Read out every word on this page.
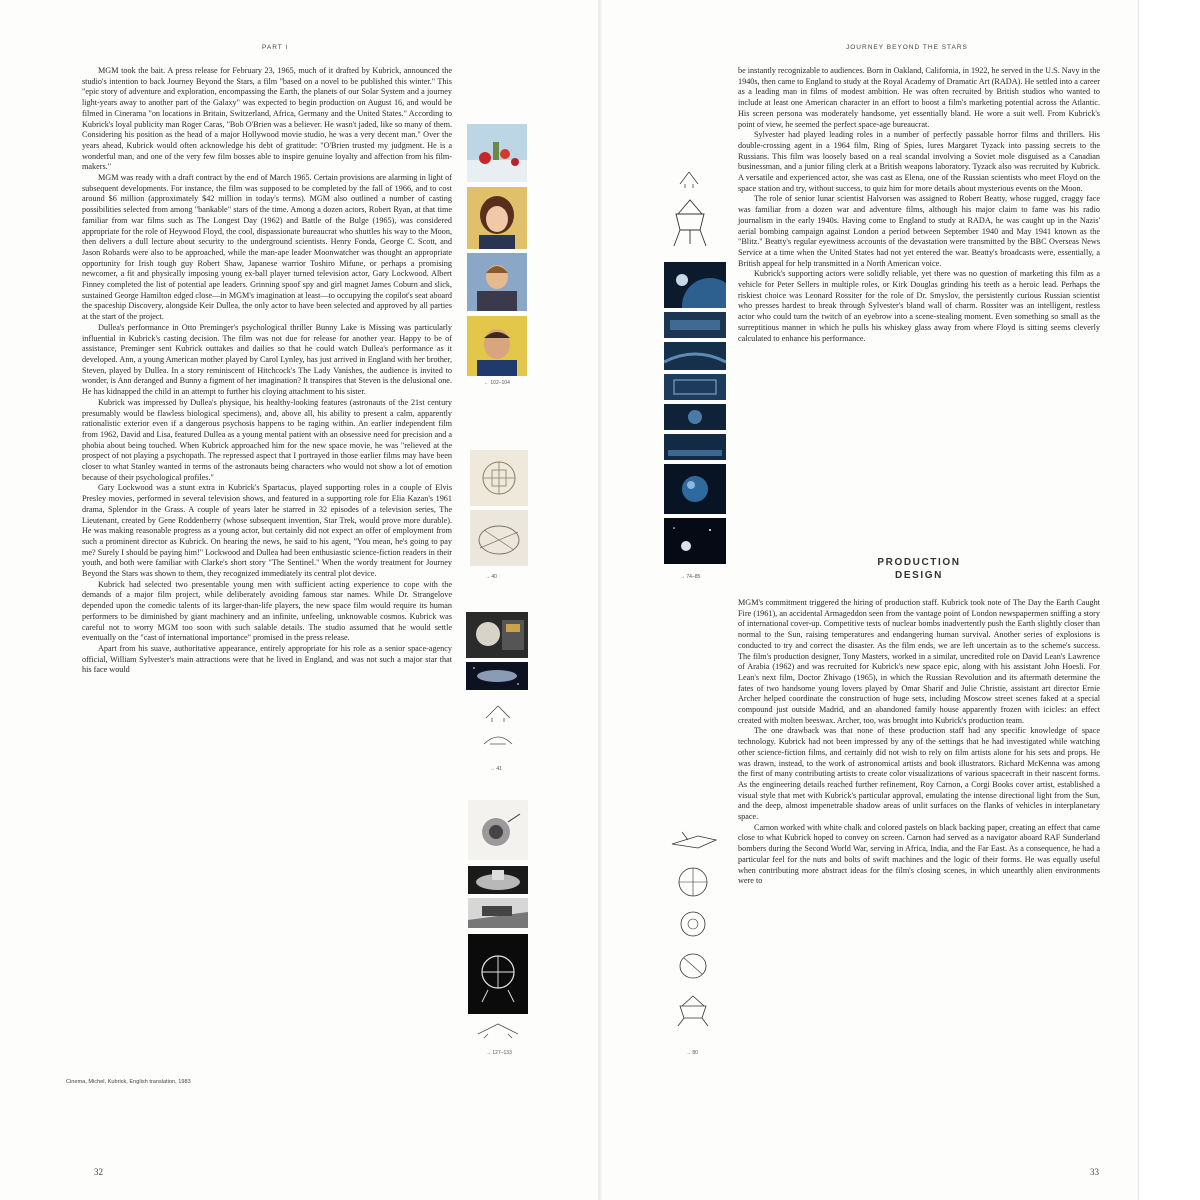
PART I

MGM took the bait. A press release for February 23, 1965, much of it drafted by Kubrick, announced the studio's intention to back Journey Beyond the Stars, a film "based on a novel to be published this winter." This "epic story of adventure and exploration, encompassing the Earth, the planets of our Solar System and a journey light-years away to another part of the Galaxy" was expected to begin production on August 16, and would be filmed in Cinerama "on locations in Britain, Switzerland, Africa, Germany and the United States." According to Kubrick's loyal publicity man Roger Caras, "Bob O'Brien was a believer. He wasn't jaded, like so many of them. Considering his position as the head of a major Hollywood movie studio, he was a very decent man." Over the years ahead, Kubrick would often acknowledge his debt of gratitude: "O'Brien trusted my judgment. He is a wonderful man, and one of the very few film bosses able to inspire genuine loyalty and affection from his film-makers."

MGM was ready with a draft contract by the end of March 1965. Certain provisions are alarming in light of subsequent developments. For instance, the film was supposed to be completed by the fall of 1966, and to cost around $6 million (approximately $42 million in today's terms). MGM also outlined a number of casting possibilities selected from among "bankable" stars of the time. Among a dozen actors, Robert Ryan, at that time familiar from war films such as The Longest Day (1962) and Battle of the Bulge (1965), was considered appropriate for the role of Heywood Floyd, the cool, dispassionate bureaucrat who shuttles his way to the Moon, then delivers a dull lecture about security to the underground scientists. Henry Fonda, George C. Scott, and Jason Robards were also to be approached, while the man-ape leader Moonwatcher was thought an appropriate opportunity for Irish tough guy Robert Shaw, Japanese warrior Toshiro Mifune, or perhaps a promising newcomer, a fit and physically imposing young ex-ball player turned television actor, Gary Lockwood. Albert Finney completed the list of potential ape leaders. Grinning spoof spy and girl magnet James Coburn and slick, sustained George Hamilton edged close—in MGM's imagination at least—to occupying the copilot's seat aboard the spaceship Discovery, alongside Keir Dullea, the only actor to have been selected and approved by all parties at the start of the project.

Dullea's performance in Otto Preminger's psychological thriller Bunny Lake is Missing was particularly influential in Kubrick's casting decision. The film was not due for release for another year. Happy to be of assistance, Preminger sent Kubrick outtakes and dailies so that he could watch Dullea's performance as it developed. Ann, a young American mother played by Carol Lynley, has just arrived in England with her brother, Steven, played by Dullea. In a story reminiscent of Hitchcock's The Lady Vanishes, the audience is invited to wonder, is Ann deranged and Bunny a figment of her imagination? It transpires that Steven is the delusional one. He has kidnapped the child in an attempt to further his cloying attachment to his sister.

Kubrick was impressed by Dullea's physique, his healthy-looking features (astronauts of the 21st century presumably would be flawless biological specimens), and, above all, his ability to present a calm, apparently rationalistic exterior even if a dangerous psychosis happens to be raging within. An earlier independent film from 1962, David and Lisa, featured Dullea as a young mental patient with an obsessive need for precision and a phobia about being touched. When Kubrick approached him for the new space movie, he was "relieved at the prospect of not playing a psychopath. The repressed aspect that I portrayed in those earlier films may have been closer to what Stanley wanted in terms of the astronauts being characters who would not show a lot of emotion because of their psychological profiles."

Gary Lockwood was a stunt extra in Kubrick's Spartacus, played supporting roles in a couple of Elvis Presley movies, performed in several television shows, and featured in a supporting role for Elia Kazan's 1961 drama, Splendor in the Grass. A couple of years later he starred in 32 episodes of a television series, The Lieutenant, created by Gene Roddenberry (whose subsequent invention, Star Trek, would prove more durable). He was making reasonable progress as a young actor, but certainly did not expect an offer of employment from such a prominent director as Kubrick. On hearing the news, he said to his agent, "You mean, he's going to pay me? Surely I should be paying him!" Lockwood and Dullea had been enthusiastic science-fiction readers in their youth, and both were familiar with Clarke's short story "The Sentinel." When the wordy treatment for Journey Beyond the Stars was shown to them, they recognized immediately its central plot device.

Kubrick had selected two presentable young men with sufficient acting experience to cope with the demands of a major film project, while deliberately avoiding famous star names. While Dr. Strangelove depended upon the comedic talents of its larger-than-life players, the new space film would require its human performers to be diminished by giant machinery and an infinite, unfeeling, unknowable cosmos. Kubrick was careful not to worry MGM too soon with such salable details. The studio assumed that he would settle eventually on the "cast of international importance" promised in the press release.

Apart from his suave, authoritative appearance, entirely appropriate for his role as a senior space-agency official, William Sylvester's main attractions were that he lived in England, and was not such a major star that his face would

← 102–104
→ 40
→ 41
→ 127–133
Cinema, Michel, Kubrick, English translation, 1983
32
JOURNEY BEYOND THE STARS

be instantly recognizable to audiences. Born in Oakland, California, in 1922, he served in the U.S. Navy in the 1940s, then came to England to study at the Royal Academy of Dramatic Art (RADA). He settled into a career as a leading man in films of modest ambition. He was often recruited by British studios who wanted to include at least one American character in an effort to boost a film's marketing potential across the Atlantic. His screen persona was moderately handsome, yet essentially bland. He wore a suit well. From Kubrick's point of view, he seemed the perfect space-age bureaucrat.

Sylvester had played leading roles in a number of perfectly passable horror films and thrillers. His double-crossing agent in a 1964 film, Ring of Spies, lures Margaret Tyzack into passing secrets to the Russians. This film was loosely based on a real scandal involving a Soviet mole disguised as a Canadian businessman, and a junior filing clerk at a British weapons laboratory. Tyzack also was recruited by Kubrick. A versatile and experienced actor, she was cast as Elena, one of the Russian scientists who meet Floyd on the space station and try, without success, to quiz him for more details about mysterious events on the Moon.

The role of senior lunar scientist Halvorsen was assigned to Robert Beatty, whose rugged, craggy face was familiar from a dozen war and adventure films, although his major claim to fame was his radio journalism in the early 1940s. Having come to England to study at RADA, he was caught up in the Nazis' aerial bombing campaign against London a period between September 1940 and May 1941 known as the "Blitz." Beatty's regular eyewitness accounts of the devastation were transmitted by the BBC Overseas News Service at a time when the United States had not yet entered the war. Beatty's broadcasts were, essentially, a British appeal for help transmitted in a North American voice.

Kubrick's supporting actors were solidly reliable, yet there was no question of marketing this film as a vehicle for Peter Sellers in multiple roles, or Kirk Douglas grinding his teeth as a heroic lead. Perhaps the riskiest choice was Leonard Rossiter for the role of Dr. Smyslov, the persistently curious Russian scientist who presses hardest to break through Sylvester's bland wall of charm. Rossiter was an intelligent, restless actor who could turn the twitch of an eyebrow into a scene-stealing moment. Even something so small as the surreptitious manner in which he pulls his whiskey glass away from where Floyd is sitting seems cleverly calculated to enhance his performance.

PRODUCTION
DESIGN

MGM's commitment triggered the hiring of production staff. Kubrick took note of The Day the Earth Caught Fire (1961), an accidental Armageddon seen from the vantage point of London newspapermen sniffing a story of international cover-up. Competitive tests of nuclear bombs inadvertently push the Earth slightly closer than normal to the Sun, raising temperatures and endangering human survival. Another series of explosions is conducted to try and correct the disaster. As the film ends, we are left uncertain as to the scheme's success. The film's production designer, Tony Masters, worked in a similar, uncredited role on David Lean's Lawrence of Arabia (1962) and was recruited for Kubrick's new space epic, along with his assistant John Hoesli. For Lean's next film, Doctor Zhivago (1965), in which the Russian Revolution and its aftermath determine the fates of two handsome young lovers played by Omar Sharif and Julie Christie, assistant art director Ernie Archer helped coordinate the construction of huge sets, including Moscow street scenes faked at a special compound just outside Madrid, and an abandoned family house apparently frozen with icicles: an effect created with molten beeswax. Archer, too, was brought into Kubrick's production team.

The one drawback was that none of these production staff had any specific knowledge of space technology. Kubrick had not been impressed by any of the settings that he had investigated while watching other science-fiction films, and certainly did not wish to rely on film artists alone for his sets and props. He was drawn, instead, to the work of astronomical artists and book illustrators. Richard McKenna was among the first of many contributing artists to create color visualizations of various spacecraft in their nascent forms. As the engineering details reached further refinement, Roy Carnon, a Corgi Books cover artist, established a visual style that met with Kubrick's particular approval, emulating the intense directional light from the Sun, and the deep, almost impenetrable shadow areas of unlit surfaces on the flanks of vehicles in interplanetary space.

Carnon worked with white chalk and colored pastels on black backing paper, creating an effect that came close to what Kubrick hoped to convey on screen. Carnon had served as a navigator aboard RAF Sunderland bombers during the Second World War, serving in Africa, India, and the Far East. As a consequence, he had a particular feel for the nuts and bolts of swift machines and the logic of their forms. He was equally useful when contributing more abstract ideas for the film's closing scenes, in which unearthly alien environments were to

→ 74–85
→ 80
33
